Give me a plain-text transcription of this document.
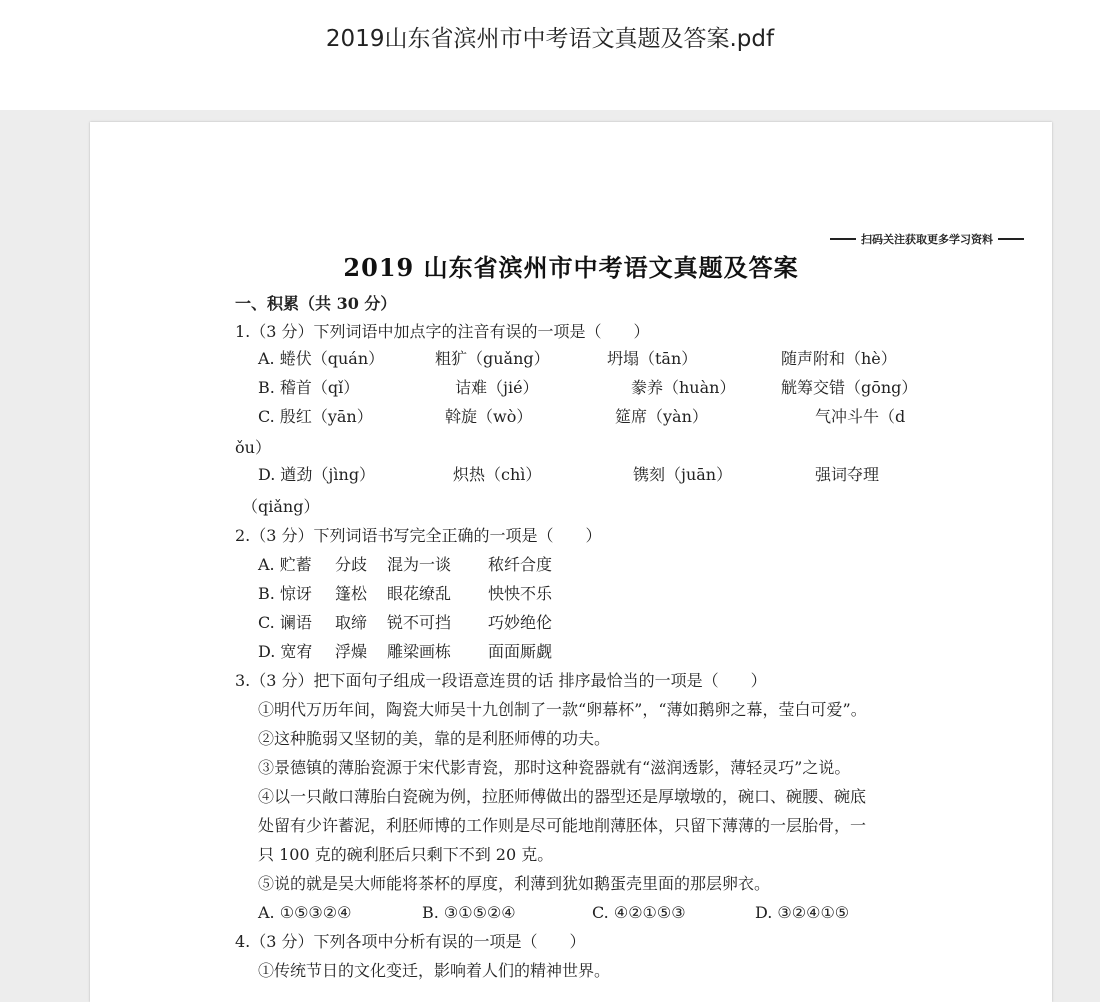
2019山东省滨州市中考语文真题及答案.pdf
扫码关注获取更多学习资料
2019 山东省滨州市中考语文真题及答案
一、积累（共 30 分）
1.（3 分）下列词语中加点字的注音有误的一项是（　　）
A. 蜷伏（quán）	粗犷（guǎng）	坍塌（tān）	随声附和（hè）
B. 稽首（qǐ）	诘难（jié）	豢养（huàn）	觥筹交错（gōng）
C. 殷红（yān）	斡旋（wò）	筵席（yàn）	气冲斗牛（d
ǒu）
D. 遒劲（jìng）	炽热（chì）	镌刻（juān）	强词夺理
（qiǎng）
2.（3 分）下列词语书写完全正确的一项是（　　）
A. 贮蓄 分歧 混为一谈 秾纤合度
B. 惊讶 篷松 眼花缭乱 怏怏不乐
C. 谰语 取缔 锐不可挡 巧妙绝伦
D. 宽宥 浮燥 雕梁画栋 面面厮觑
3.（3 分）把下面句子组成一段语意连贯的话 排序最恰当的一项是（　　）
①明代万历年间，陶瓷大师吴十九创制了一款“卵幕杯”，“薄如鹅卵之幕，莹白可爱”。
②这种脆弱又坚韧的美，靠的是利胚师傅的功夫。
③景德镇的薄胎瓷源于宋代影青瓷，那时这种瓷器就有“滋润透影，薄轻灵巧”之说。
④以一只敞口薄胎白瓷碗为例，拉胚师傅做出的器型还是厚墩墩的，碗口、碗腰、碗底
处留有少许蓄泥，利胚师博的工作则是尽可能地削薄胚体，只留下薄薄的一层胎骨，一
只 100 克的碗利胚后只剩下不到 20 克。
⑤说的就是吴大师能将茶杯的厚度，利薄到犹如鹅蛋壳里面的那层卵衣。
A. ①⑤③②④	B. ③①⑤②④	C. ④②①⑤③	D. ③②④①⑤
4.（3 分）下列各项中分析有误的一项是（　　）
①传统节日的文化变迁，影响着人们的精神世界。
